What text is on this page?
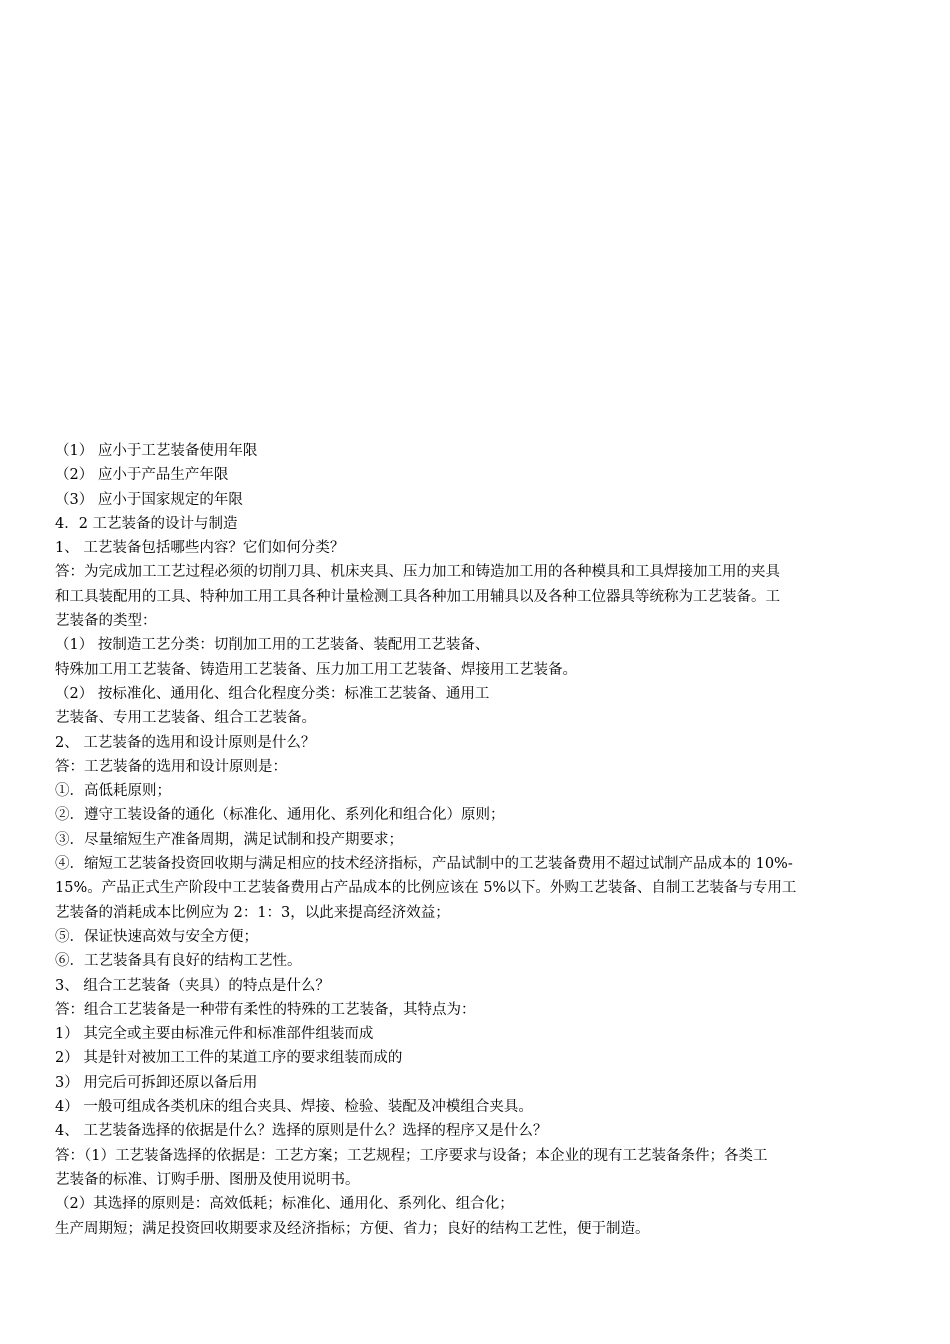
（1） 应小于工艺装备使用年限
（2） 应小于产品生产年限
（3） 应小于国家规定的年限
4．2 工艺装备的设计与制造
1、 工艺装备包括哪些内容？它们如何分类？
答：为完成加工工艺过程必须的切削刀具、机床夹具、压力加工和铸造加工用的各种模具和工具焊接加工用的夹具
和工具装配用的工具、特种加工用工具各种计量检测工具各种加工用辅具以及各种工位器具等统称为工艺装备。工
艺装备的类型：
（1） 按制造工艺分类：切削加工用的工艺装备、装配用工艺装备、
特殊加工用工艺装备、铸造用工艺装备、压力加工用工艺装备、焊接用工艺装备。
（2） 按标准化、通用化、组合化程度分类：标准工艺装备、通用工
艺装备、专用工艺装备、组合工艺装备。
2、 工艺装备的选用和设计原则是什么？
答：工艺装备的选用和设计原则是：
①．高低耗原则；
②．遵守工装设备的通化（标准化、通用化、系列化和组合化）原则；
③．尽量缩短生产准备周期，满足试制和投产期要求；
④．缩短工艺装备投资回收期与满足相应的技术经济指标，产品试制中的工艺装备费用不超过试制产品成本的 10%-
15%。产品正式生产阶段中工艺装备费用占产品成本的比例应该在 5%以下。外购工艺装备、自制工艺装备与专用工
艺装备的消耗成本比例应为 2：1：3，以此来提高经济效益；
⑤．保证快速高效与安全方便；
⑥．工艺装备具有良好的结构工艺性。
3、 组合工艺装备（夹具）的特点是什么？
答：组合工艺装备是一种带有柔性的特殊的工艺装备，其特点为：
1） 其完全或主要由标准元件和标准部件组装而成
2） 其是针对被加工工件的某道工序的要求组装而成的
3） 用完后可拆卸还原以备后用
4） 一般可组成各类机床的组合夹具、焊接、检验、装配及冲模组合夹具。
4、 工艺装备选择的依据是什么？选择的原则是什么？选择的程序又是什么？
答：（1）工艺装备选择的依据是：工艺方案；工艺规程；工序要求与设备；本企业的现有工艺装备条件；各类工
艺装备的标准、订购手册、图册及使用说明书。
（2）其选择的原则是：高效低耗；标准化、通用化、系列化、组合化；
生产周期短；满足投资回收期要求及经济指标；方便、省力；良好的结构工艺性，便于制造。
